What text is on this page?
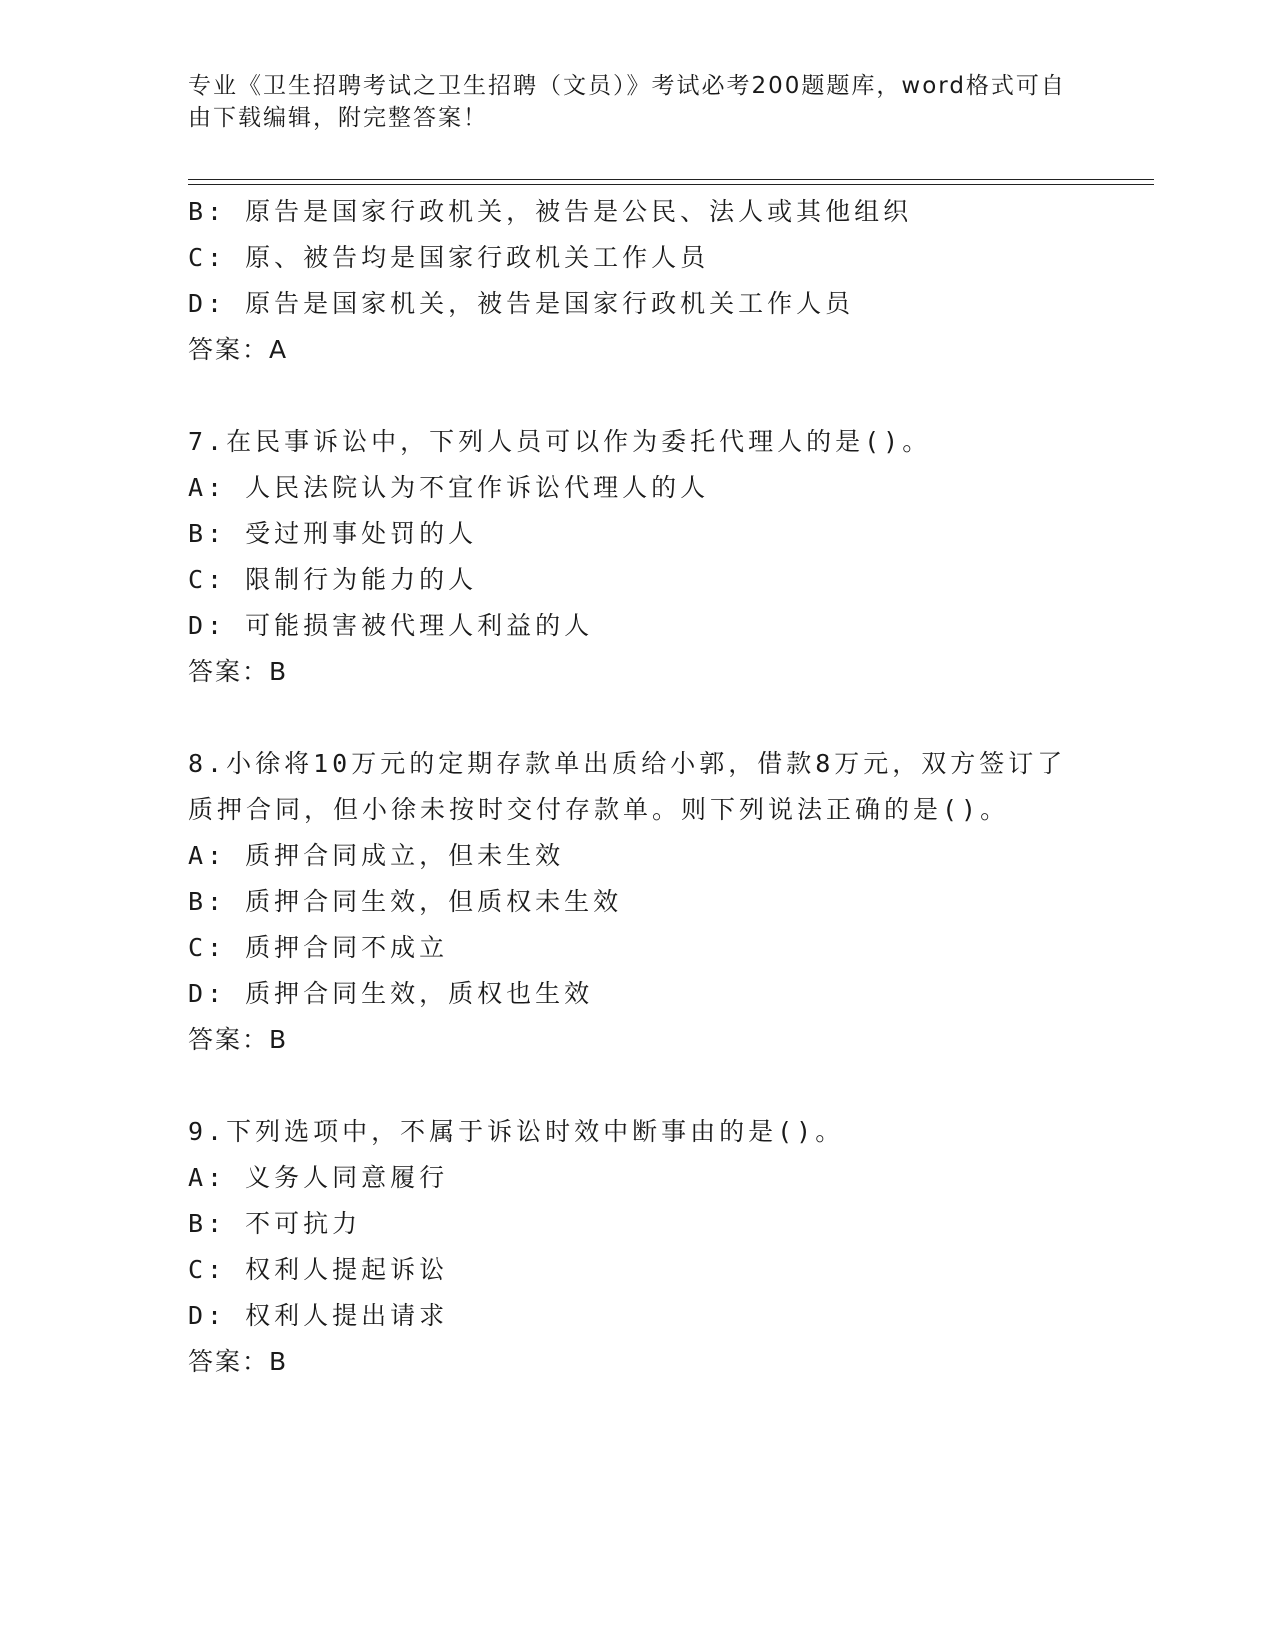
专业《卫生招聘考试之卫生招聘（文员）》考试必考200题题库，word格式可自由下载编辑，附完整答案！
B: 原告是国家行政机关，被告是公民、法人或其他组织
C: 原、被告均是国家行政机关工作人员
D: 原告是国家机关，被告是国家行政机关工作人员
答案：A
7.在民事诉讼中，下列人员可以作为委托代理人的是()。
A: 人民法院认为不宜作诉讼代理人的人
B: 受过刑事处罚的人
C: 限制行为能力的人
D: 可能损害被代理人利益的人
答案：B
8.小徐将10万元的定期存款单出质给小郭，借款8万元，双方签订了
质押合同，但小徐未按时交付存款单。则下列说法正确的是()。
A: 质押合同成立，但未生效
B: 质押合同生效，但质权未生效
C: 质押合同不成立
D: 质押合同生效，质权也生效
答案：B
9.下列选项中，不属于诉讼时效中断事由的是()。
A: 义务人同意履行
B: 不可抗力
C: 权利人提起诉讼
D: 权利人提出请求
答案：B
